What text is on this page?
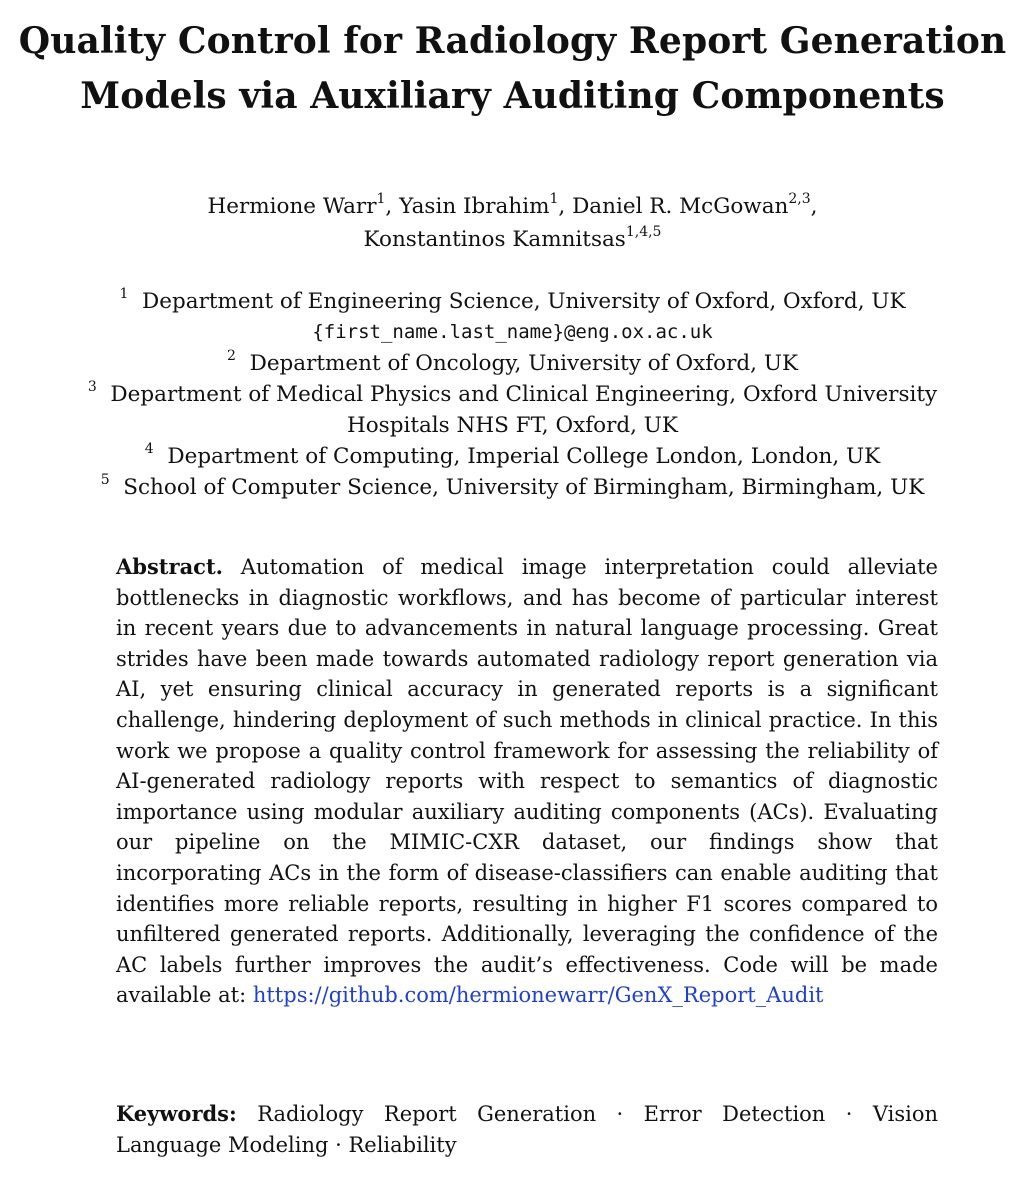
Quality Control for Radiology Report Generation
Models via Auxiliary Auditing Components
Hermione Warr$^1$, Yasin Ibrahim$^1$, Daniel R. McGowan$^{2,3}$,
Konstantinos Kamnitsas$^{1,4,5}$
$^1$ Department of Engineering Science, University of Oxford, Oxford, UK
{first_name.last_name}@eng.ox.ac.uk
$^2$ Department of Oncology, University of Oxford, UK
$^3$ Department of Medical Physics and Clinical Engineering, Oxford University
Hospitals NHS FT, Oxford, UK
$^4$ Department of Computing, Imperial College London, London, UK
$^5$ School of Computer Science, University of Birmingham, Birmingham, UK
Abstract. Automation of medical image interpretation could alleviate bottlenecks in diagnostic workflows, and has become of particular interest in recent years due to advancements in natural language processing. Great strides have been made towards automated radiology report generation via AI, yet ensuring clinical accuracy in generated reports is a significant challenge, hindering deployment of such methods in clinical practice. In this work we propose a quality control framework for assessing the reliability of AI-generated radiology reports with respect to semantics of diagnostic importance using modular auxiliary auditing components (ACs). Evaluating our pipeline on the MIMIC-CXR dataset, our findings show that incorporating ACs in the form of disease-classifiers can enable auditing that identifies more reliable reports, resulting in higher F1 scores compared to unfiltered generated reports. Additionally, leveraging the confidence of the AC labels further improves the audit’s effectiveness. Code will be made available at: https://github.com/hermionewarr/GenX_Report_Audit
Keywords: Radiology Report Generation · Error Detection · Vision Language Modeling · Reliability
